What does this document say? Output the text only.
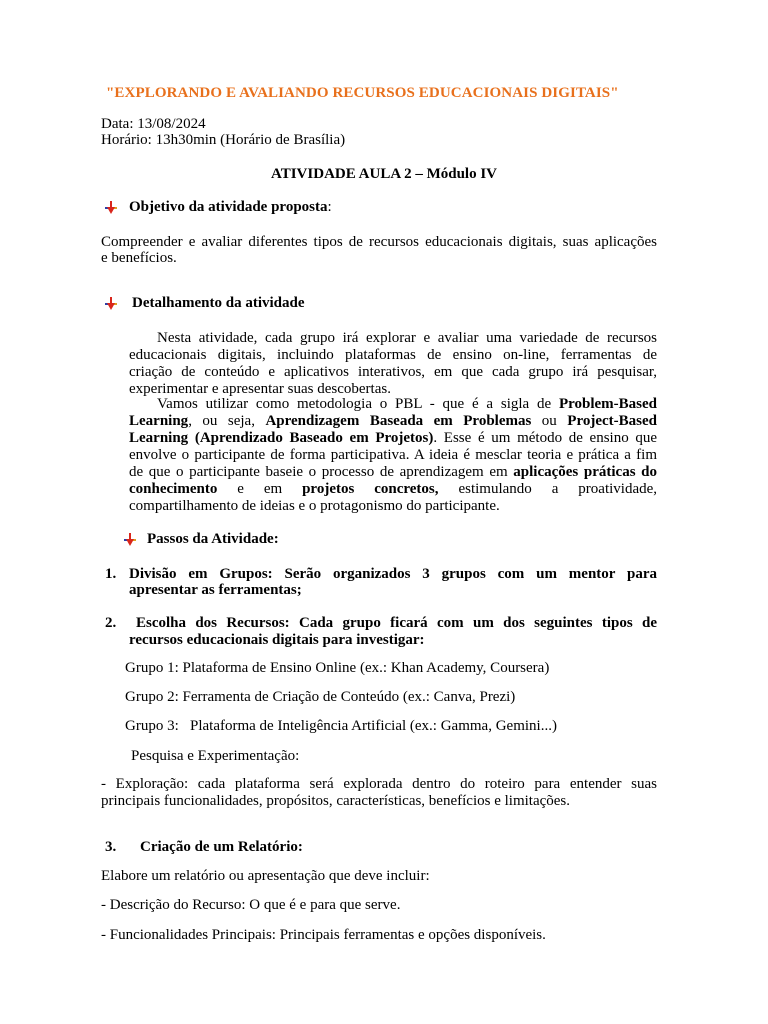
"EXPLORANDO E AVALIANDO RECURSOS EDUCACIONAIS DIGITAIS"
Data: 13/08/2024
Horário: 13h30min (Horário de Brasília)
ATIVIDADE AULA 2 – Módulo IV
Objetivo da atividade proposta:
Compreender e avaliar diferentes tipos de recursos educacionais digitais, suas aplicações
e benefícios.
Detalhamento da atividade
Nesta atividade, cada grupo irá explorar e avaliar uma variedade de recursos
educacionais digitais, incluindo plataformas de ensino on-line, ferramentas de
criação de conteúdo e aplicativos interativos, em que cada grupo irá pesquisar,
experimentar e apresentar suas descobertas.
Vamos utilizar como metodologia o PBL - que é a sigla de Problem-Based
Learning, ou seja, Aprendizagem Baseada em Problemas ou Project-Based
Learning (Aprendizado Baseado em Projetos). Esse é um método de ensino que
envolve o participante de forma participativa. A ideia é mesclar teoria e prática a fim
de que o participante baseie o processo de aprendizagem em aplicações práticas do
conhecimento e em projetos concretos, estimulando a proatividade,
compartilhamento de ideias e o protagonismo do participante.
Passos da Atividade:
1. Divisão em Grupos: Serão organizados 3 grupos com um mentor para
apresentar as ferramentas;
2. Escolha dos Recursos: Cada grupo ficará com um dos seguintes tipos de
recursos educacionais digitais para investigar:
Grupo 1: Plataforma de Ensino Online (ex.: Khan Academy, Coursera)
Grupo 2: Ferramenta de Criação de Conteúdo (ex.: Canva, Prezi)
Grupo 3:   Plataforma de Inteligência Artificial (ex.: Gamma, Gemini...)
Pesquisa e Experimentação:
- Exploração: cada plataforma será explorada dentro do roteiro para entender suas
principais funcionalidades, propósitos, características, benefícios e limitações.
3. Criação de um Relatório:
Elabore um relatório ou apresentação que deve incluir:
- Descrição do Recurso: O que é e para que serve.
- Funcionalidades Principais: Principais ferramentas e opções disponíveis.
